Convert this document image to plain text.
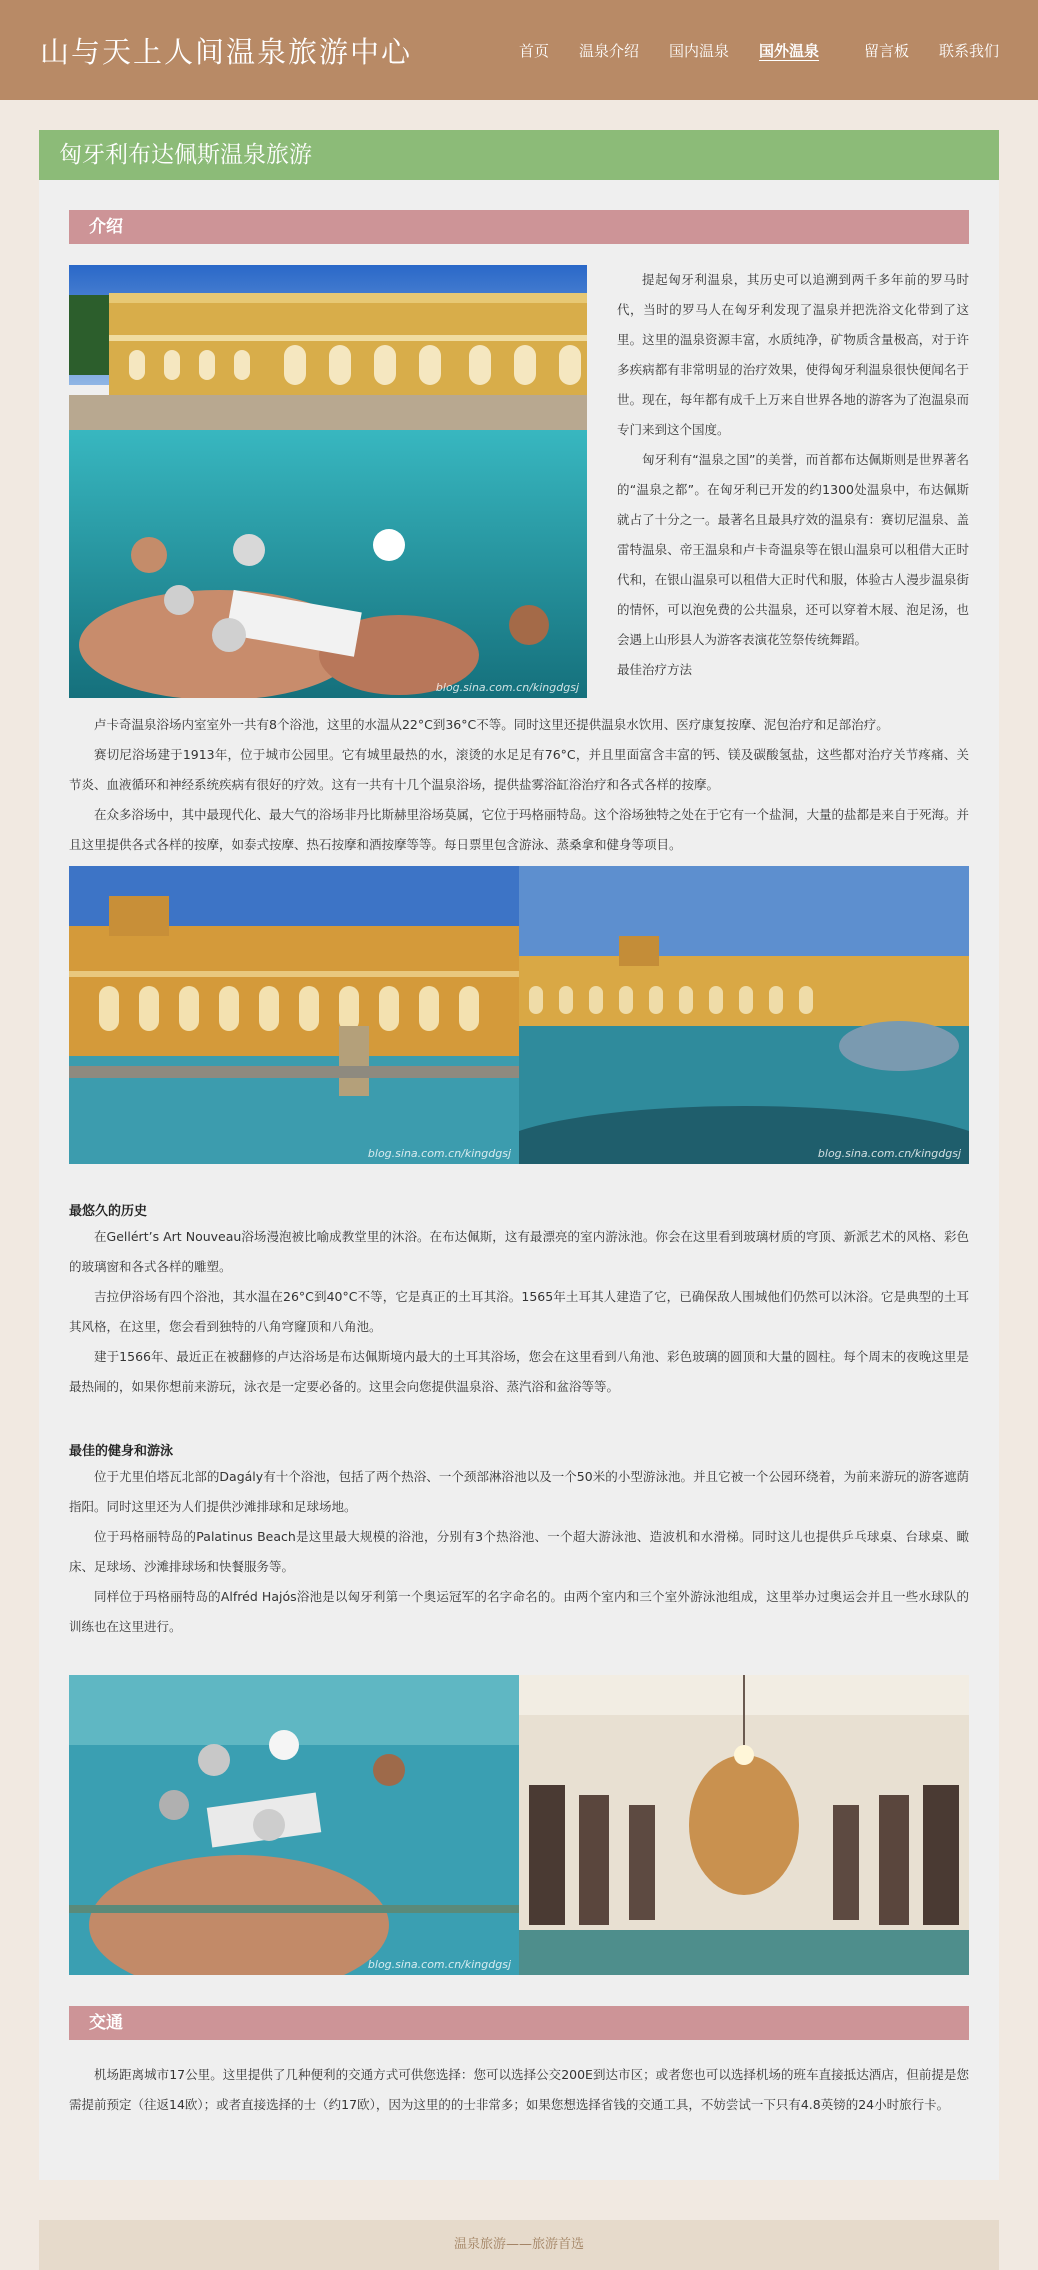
山与天上人间温泉旅游中心	首页 温泉介绍 国内温泉 国外温泉	留言板 联系我们
匈牙利布达佩斯温泉旅游
介绍
blog.sina.com.cn/kingdgsj

提起匈牙利温泉，其历史可以追溯到两千多年前的罗马时代，当时的罗马人在匈牙利发现了温泉并把洗浴文化带到了这里。这里的温泉资源丰富，水质纯净，矿物质含量极高，对于许多疾病都有非常明显的治疗效果，使得匈牙利温泉很快便闻名于世。现在，每年都有成千上万来自世界各地的游客为了泡温泉而专门来到这个国度。

匈牙利有“温泉之国”的美誉，而首都布达佩斯则是世界著名的“温泉之都”。在匈牙利已开发的约1300处温泉中，布达佩斯就占了十分之一。最著名且最具疗效的温泉有：赛切尼温泉、盖雷特温泉、帝王温泉和卢卡奇温泉等在银山温泉可以租借大正时代和，在银山温泉可以租借大正时代和服，体验古人漫步温泉街的情怀，可以泡免费的公共温泉，还可以穿着木屐、泡足汤，也会遇上山形县人为游客表演花笠祭传统舞蹈。

最佳治疗方法

卢卡奇温泉浴场内室室外一共有8个浴池，这里的水温从22°C到36°C不等。同时这里还提供温泉水饮用、医疗康复按摩、泥包治疗和足部治疗。

赛切尼浴场建于1913年，位于城市公园里。它有城里最热的水，滚烫的水足足有76°C，并且里面富含丰富的钙、镁及碳酸氢盐，这些都对治疗关节疼痛、关节炎、血液循环和神经系统疾病有很好的疗效。这有一共有十几个温泉浴场，提供盐雾浴缸浴治疗和各式各样的按摩。

在众多浴场中，其中最现代化、最大气的浴场非丹比斯赫里浴场莫属，它位于玛格丽特岛。这个浴场独特之处在于它有一个盐洞，大量的盐都是来自于死海。并且这里提供各式各样的按摩，如泰式按摩、热石按摩和酒按摩等等。每日票里包含游泳、蒸桑拿和健身等项目。

blog.sina.com.cn/kingdgsj	blog.sina.com.cn/kingdgsj
最悠久的历史

在Gellért’s Art Nouveau浴场漫泡被比喻成教堂里的沐浴。在布达佩斯，这有最漂亮的室内游泳池。你会在这里看到玻璃材质的穹顶、新派艺术的风格、彩色的玻璃窗和各式各样的雕塑。

吉拉伊浴场有四个浴池，其水温在26°C到40°C不等，它是真正的土耳其浴。1565年土耳其人建造了它，已确保敌人围城他们仍然可以沐浴。它是典型的土耳其风格，在这里，您会看到独特的八角穹窿顶和八角池。

建于1566年、最近正在被翻修的卢达浴场是布达佩斯境内最大的土耳其浴场，您会在这里看到八角池、彩色玻璃的圆顶和大量的圆柱。每个周末的夜晚这里是最热闹的，如果你想前来游玩，泳衣是一定要必备的。这里会向您提供温泉浴、蒸汽浴和盆浴等等。

最佳的健身和游泳

位于尤里伯塔瓦北部的Dagály有十个浴池，包括了两个热浴、一个颈部淋浴池以及一个50米的小型游泳池。并且它被一个公园环绕着，为前来游玩的游客遮荫指阳。同时这里还为人们提供沙滩排球和足球场地。

位于玛格丽特岛的Palatinus Beach是这里最大规模的浴池，分别有3个热浴池、一个超大游泳池、造波机和水滑梯。同时这儿也提供乒乓球桌、台球桌、瞰床、足球场、沙滩排球场和快餐服务等。

同样位于玛格丽特岛的Alfréd Hajós浴池是以匈牙利第一个奥运冠军的名字命名的。由两个室内和三个室外游泳池组成，这里举办过奥运会并且一些水球队的训练也在这里进行。

blog.sina.com.cn/kingdgsj
交通

机场距离城市17公里。这里提供了几种便利的交通方式可供您选择：您可以选择公交200E到达市区；或者您也可以选择机场的班车直接抵达酒店，但前提是您需提前预定（往返14欧）；或者直接选择的士（约17欧），因为这里的的士非常多；如果您想选择省钱的交通工具，不妨尝试一下只有4.8英镑的24小时旅行卡。

温泉旅游——旅游首选
